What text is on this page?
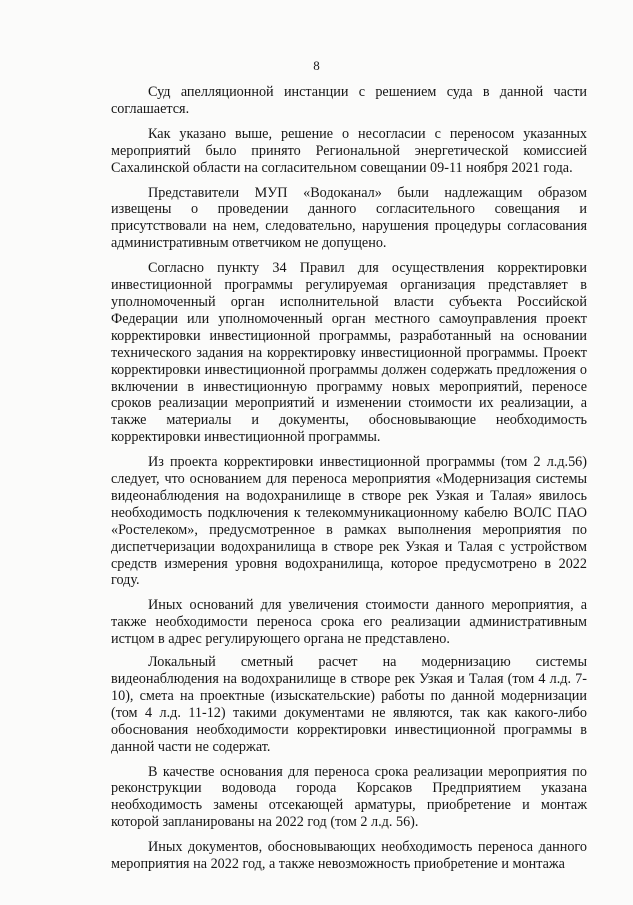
8

Суд апелляционной инстанции с решением суда в данной части соглашается.

Как указано выше, решение о несогласии с переносом указанных мероприятий было принято Региональной энергетической комиссией Сахалинской области на согласительном совещании 09-11 ноября 2021 года.

Представители МУП «Водоканал» были надлежащим образом извещены о проведении данного согласительного совещания и присутствовали на нем, следовательно, нарушения процедуры согласования административным ответчиком не допущено.

Согласно пункту 34 Правил для осуществления корректировки инвестиционной программы регулируемая организация представляет в уполномоченный орган исполнительной власти субъекта Российской Федерации или уполномоченный орган местного самоуправления проект корректировки инвестиционной программы, разработанный на основании технического задания на корректировку инвестиционной программы. Проект корректировки инвестиционной программы должен содержать предложения о включении в инвестиционную программу новых мероприятий, переносе сроков реализации мероприятий и изменении стоимости их реализации, а также материалы и документы, обосновывающие необходимость корректировки инвестиционной программы.

Из проекта корректировки инвестиционной программы (том 2 л.д.56) следует, что основанием для переноса мероприятия «Модернизация системы видеонаблюдения на водохранилище в створе рек Узкая и Талая» явилось необходимость подключения к телекоммуникационному кабелю ВОЛС ПАО «Ростелеком», предусмотренное в рамках выполнения мероприятия по диспетчеризации водохранилища в створе рек Узкая и Талая с устройством средств измерения уровня водохранилища, которое предусмотрено в 2022 году.

Иных оснований для увеличения стоимости данного мероприятия, а также необходимости переноса срока его реализации административным истцом в адрес регулирующего органа не представлено.

Локальный сметный расчет на модернизацию системы видеонаблюдения на водохранилище в створе рек Узкая и Талая (том 4 л.д. 7-10), смета на проектные (изыскательские) работы по данной модернизации (том 4 л.д. 11-12) такими документами не являются, так как какого-либо обоснования необходимости корректировки инвестиционной программы в данной части не содержат.

В качестве основания для переноса срока реализации мероприятия по реконструкции водовода города Корсаков Предприятием указана необходимость замены отсекающей арматуры, приобретение и монтаж которой запланированы на 2022 год (том 2 л.д. 56).

Иных документов, обосновывающих необходимость переноса данного мероприятия на 2022 год, а также невозможность приобретение и монтажа
